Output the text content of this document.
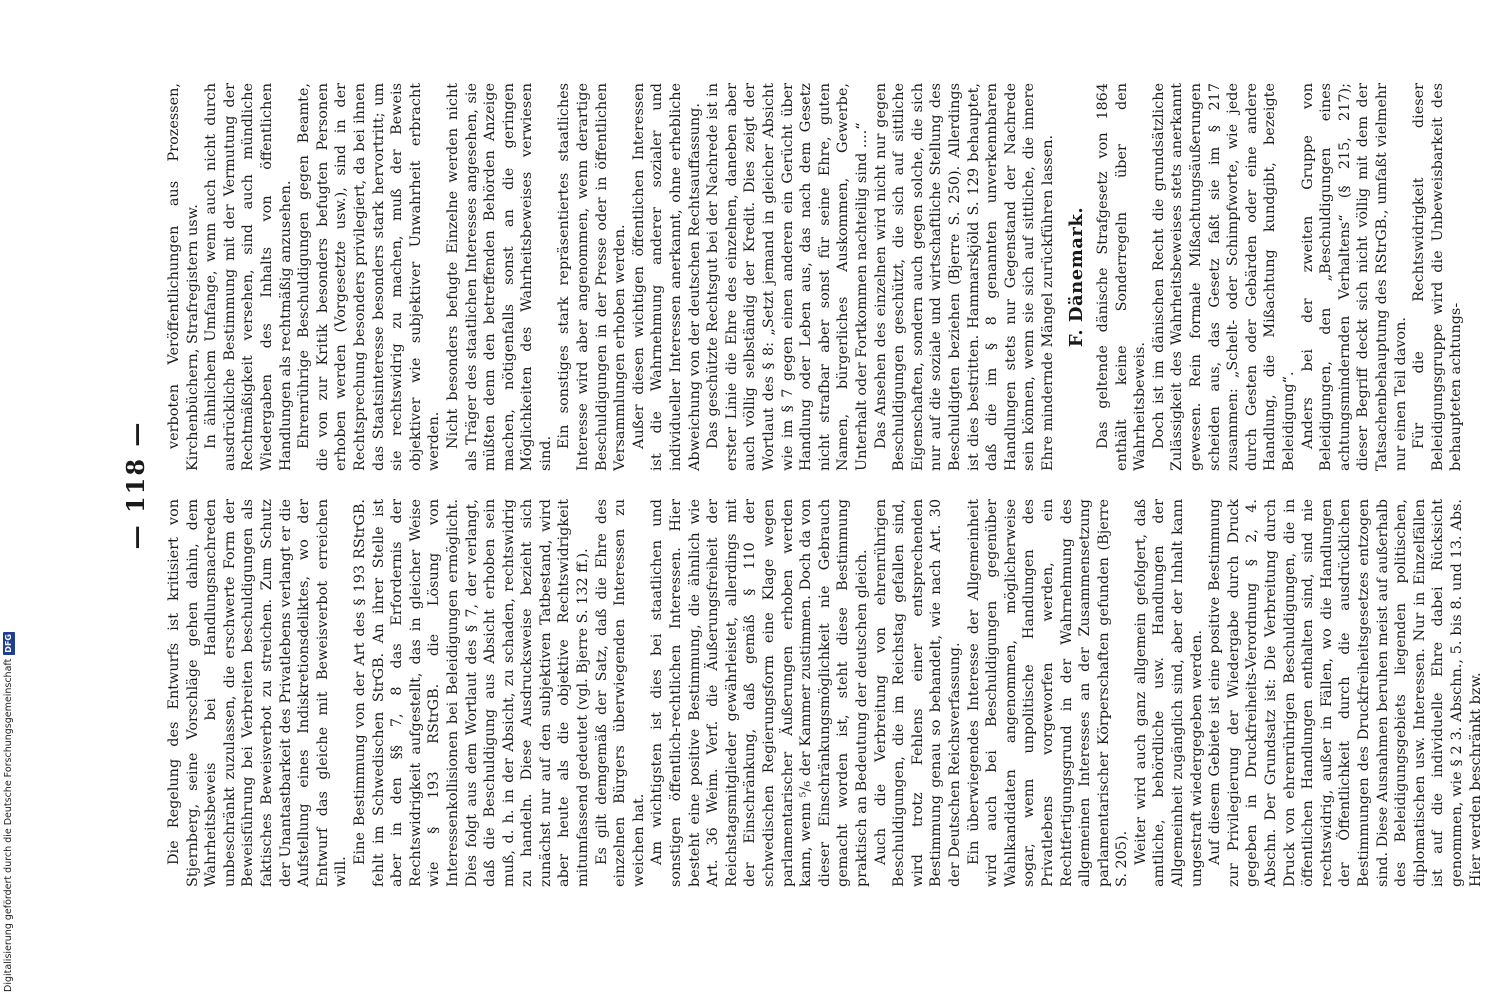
— 118 —

Die Regelung des Entwurfs ist kritisiert von Stjernberg, seine Vorschläge gehen dahin, dem Wahrheitsbeweis bei Handlungsnachreden unbeschränkt zuzulassen, die erschwerte Form der Beweisführung bei Verbreiten beschuldigungen als faktisches Beweisverbot zu streichen. Zum Schutz der Unantastbarkeit des Privatlebens verlangt er die Aufstellung eines Indiskretionsdeliktes, wo der Entwurf das gleiche mit Beweisverbot erreichen will.

Eine Bestimmung von der Art des § 193 RStrGB. fehlt im Schwedischen StrGB. An ihrer Stelle ist aber in den §§ 7, 8 das Erfordernis der Rechtswidrigkeit aufgestellt, das in gleicher Weise wie § 193 RStrGB. die Lösung von Interessenkollisionen bei Beleidigungen ermöglicht. Dies folgt aus dem Wortlaut des § 7, der verlangt, daß die Beschuldigung aus Absicht erhoben sein muß, d. h. in der Absicht, zu schaden, rechtswidrig zu handeln. Diese Ausdrucksweise bezieht sich zunächst nur auf den subjektiven Tatbestand, wird aber heute als die objektive Rechtswidrigkeit mitumfassend gedeutet (vgl. Bjerre S. 132 ff.). Es gilt demgemäß der Satz, daß die Ehre des einzelnen Bürgers überwiegenden Interessen zu weichen hat. Am wichtigsten ist dies bei staatlichen und sonstigen öffentlich-rechtlichen Interessen. Hier besteht eine positive Bestimmung, die ähnlich wie Art. 36 Weim. Verf. die Äußerungsfreiheit der Reichstagsmitglieder gewährleistet, allerdings mit der Einschränkung, daß gemäß § 110 der schwedischen Regierungsform eine Klage wegen parlamentarischer Äußerungen erhoben werden kann, wenn ⁵/₆ der Kammer zustimmen. Doch da von dieser Einschränkungsmöglichkeit nie Gebrauch gemacht worden ist, steht diese Bestimmung praktisch an Bedeutung der deutschen gleich. Auch die Verbreitung von ehrenrührigen Beschuldigungen, die im Reichstag gefallen sind, wird trotz Fehlens einer entsprechenden Bestimmung genau so behandelt, wie nach Art. 30 der Deutschen Reichsverfassung. Ein überwiegendes Interesse der Allgemeinheit wird auch bei Beschuldigungen gegenüber Wahlkandidaten angenommen, möglicherweise sogar, wenn unpolitische Handlungen des Privatlebens vorgeworfen werden, ein Rechtfertigungsgrund in der Wahrnehmung des allgemeinen Interesses an der Zusammensetzung parlamentarischer Körperschaften gefunden (Bjerre S. 205). Weiter wird auch ganz allgemein gefolgert, daß amtliche, behördliche usw. Handlungen der Allgemeinheit zugänglich sind, aber der Inhalt kann ungestraft wiedergegeben werden. Auf diesem Gebiete ist eine positive Bestimmung zur Privilegierung der Wiedergabe durch Druck gegeben in Druckfreiheits-Verordnung § 2, 4. Abschn. Der Grundsatz ist: Die Verbreitung durch Druck von ehrenrührigen Beschuldigungen, die in öffentlichen Handlungen enthalten sind, sind nie rechtswidrig, außer in Fällen, wo die Handlungen der Öffentlichkeit durch die ausdrücklichen Bestimmungen des Druckfreiheitsgesetzes entzogen sind. Diese Ausnahmen beruhen meist auf außerhalb des Beleidigungsgebiets liegenden politischen, diplomatischen usw. Interessen. Nur in Einzelfällen ist auf die individuelle Ehre dabei Rücksicht genommen, wie § 2 3. Abschn., 5. bis 8. und 13. Abs. Hier werden beschränkt bzw.

verboten Veröffentlichungen aus Prozessen, Kirchenbüchern, Strafregistern usw. In ähnlichem Umfange, wenn auch nicht durch ausdrückliche Bestimmung mit der Vermutung der Rechtmäßigkeit versehen, sind auch mündliche Wiedergaben des Inhalts von öffentlichen Handlungen als rechtmäßig anzusehen. Ehrenrührige Beschuldigungen gegen Beamte, die von zur Kritik besonders befugten Personen erhoben werden (Vorgesetzte usw.), sind in der Rechtsprechung besonders privilegiert, da bei ihnen das Staatsinteresse besonders stark hervortritt; um sie rechtswidrig zu machen, muß der Beweis objektiver wie subjektiver Unwahrheit erbracht werden. Nicht besonders befugte Einzelne werden nicht als Träger des staatlichen Interesses angesehen, sie müßten denn den betreffenden Behörden Anzeige machen, nötigenfalls sonst an die geringen Möglichkeiten des Wahrheitsbeweises verwiesen sind.

Ein sonstiges stark repräsentiertes staatliches Interesse wird aber angenommen, wenn derartige Beschuldigungen in der Presse oder in öffentlichen Versammlungen erhoben werden. Außer diesen wichtigen öffentlichen Interessen ist die Wahrnehmung anderer sozialer und individueller Interessen anerkannt, ohne erhebliche Abweichung von der deutschen Rechtsauffassung. Das geschützte Rechtsgut bei der Nachrede ist in erster Linie die Ehre des einzelnen, daneben aber auch völlig selbständig der Kredit. Dies zeigt der Wortlaut des § 8: „Setzt jemand in gleicher Absicht wie im § 7 gegen einen anderen ein Gerücht über Handlung oder Leben aus, das nach dem Gesetz nicht strafbar aber sonst für seine Ehre, guten Namen, bürgerliches Auskommen, Gewerbe, Unterhalt oder Fortkommen nachteilig sind ....“ Das Ansehen des einzelnen wird nicht nur gegen Beschuldigungen geschützt, die sich auf sittliche Eigenschaften, sondern auch gegen solche, die sich nur auf die soziale und wirtschaftliche Stellung des Beschuldigten beziehen (Bjerre S. 250). Allerdings ist dies bestritten. Hammarskjöld S. 129 behauptet, daß die im § 8 genannten unverkennbaren Handlungen stets nur Gegenstand der Nachrede sein können, wenn sie sich auf sittliche, die innere Ehre mindernde Mängel zurückführen lassen. F. Dänemark. Das geltende dänische Strafgesetz von 1864 enthält keine Sonderregeln über den Wahrheitsbeweis. Doch ist im dänischen Recht die grundsätzliche Zulässigkeit des Wahrheitsbeweises stets anerkannt gewesen. Rein formale Mißachtungsäußerungen scheiden aus, das Gesetz faßt sie im § 217 zusammen: „Schelt- oder Schimpfworte, wie jede durch Gesten oder Gebärden oder eine andere Handlung, die Mißachtung kundgibt, bezeigte Beleidigung“. Anders bei der zweiten Gruppe von Beleidigungen, den „Beschuldigungen eines achtungsmindernden Verhaltens“ (§ 215, 217); dieser Begriff deckt sich nicht völlig mit dem der Tatsachenbehauptung des RStrGB., umfaßt vielmehr nur einen Teil davon. Für die Rechtswidrigkeit dieser Beleidigungsgruppe wird die Unbeweisbarkeit des behaupteten achtungs-

Digitalisierung gefördert durch die Deutsche Forschungsgemeinschaft
DFG
